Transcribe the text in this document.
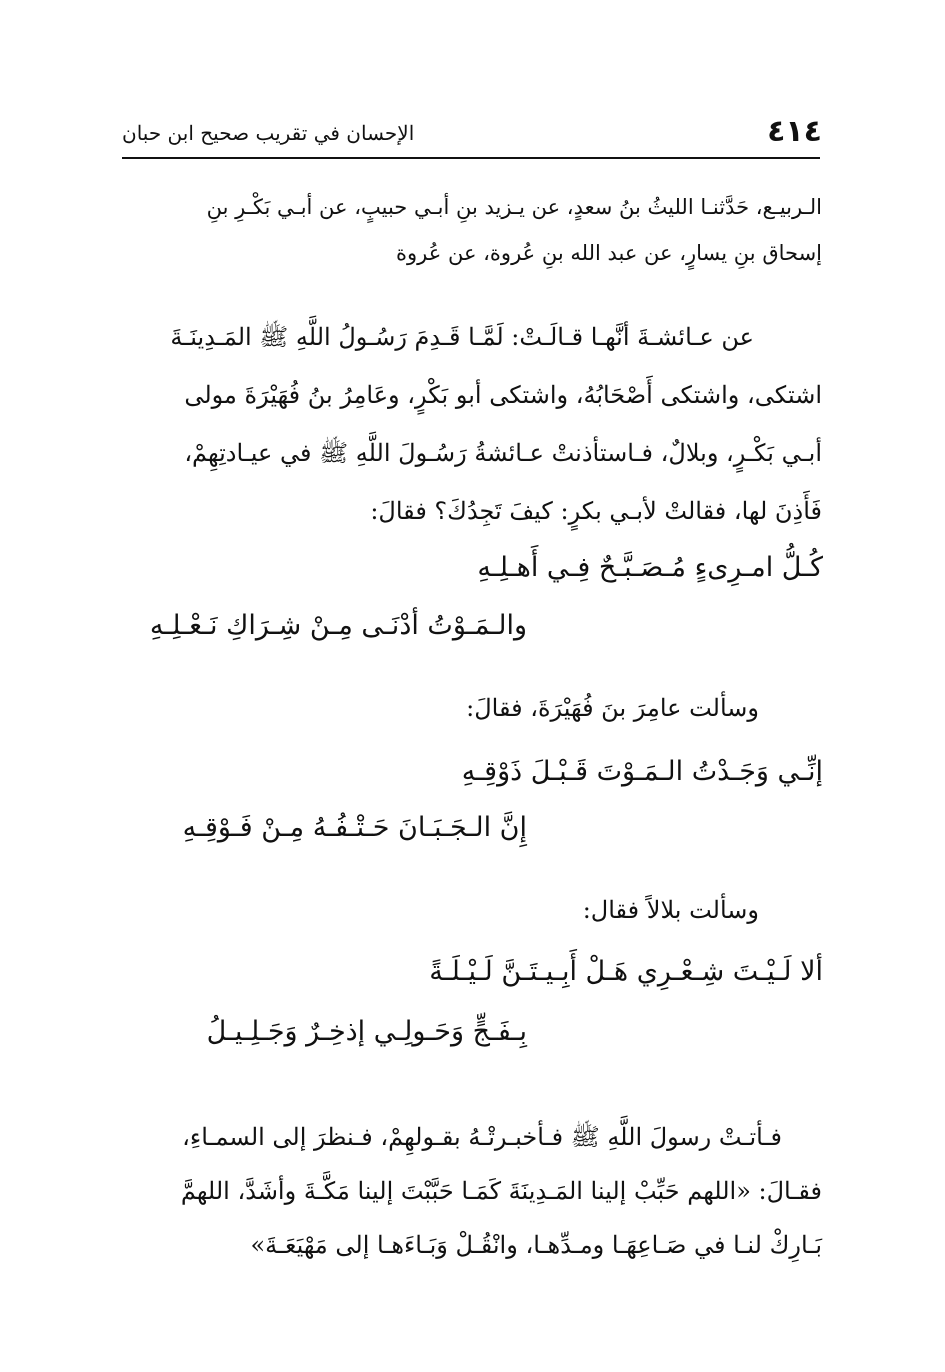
٤١٤
الإحسان في تقريب صحيح ابن حبان
الـربيـع، حَدَّثنـا الليثُ بنُ سعدٍ، عن يـزيد بنِ أبـي حبيبٍ، عن أبـي بَكْـرِ بنِ
إسحاق بنِ يسارٍ، عن عبد الله بنِ عُروة، عن عُروة
عن عـائشـةَ أنَّهـا قـالَـتْ: لَمَّـا قَـدِمَ رَسُـولُ اللَّهِ ﷺ المَـدِينَـةَ
اشتكى، واشتكى أَصْحَابُهُ، واشتكى أبو بَكْرٍ، وعَامِرُ بنُ فُهَيْرَةَ مولى
أبـي بَكْـرٍ، وبلالٌ، فـاستأذنتْ عـائشةُ رَسُـولَ اللَّهِ ﷺ في عيـادتِهِمْ،
فَأَذِنَ لها، فقالتْ لأبـي بكرٍ: كيفَ تَجِدُكَ؟ فقالَ:
كُـلُّ امـرِىءٍ مُـصَـبَّـحٌ فِـي أَهـلِـهِ
والـمَـوْتُ أدْنَـى مِـنْ شِـرَاكِ نَـعْـلِـهِ
وسألت عامِرَ بنَ فُهَيْرَةَ، فقالَ:
إنِّـي وَجَـدْتُ الـمَـوْتَ قَـبْـلَ ذَوْقِـهِ
إِنَّ الـجَـبَـانَ حَـتْـفُـهُ مِـنْ فَـوْقِـهِ
وسألت بلالاً فقال:
ألا لَـيْـتَ شِـعْـرِي هَـلْ أَبِـيـتَـنَّ لَـيْـلَـةً
بِـفَـجٍّ وَحَـولِـي إذخِـرٌ وَجَـلِـيـلُ
فـأتـتْ رسولَ اللَّهِ ﷺ فـأخبـرتْـهُ بقـولهِمْ، فـنظرَ إلى السمـاءِ،
فقـالَ: «اللهم حَبِّبْ إلينا المَـدِينَةَ كَمَـا حَبَّبْتَ إلينا مَكَّـةَ وأشَدَّ، اللهمَّ
بَـارِكْ لنـا في صَـاعِهَـا ومـدِّهـا، وانْقُـلْ وَبَـاءَهـا إلى مَهْيَعَـةَ»
